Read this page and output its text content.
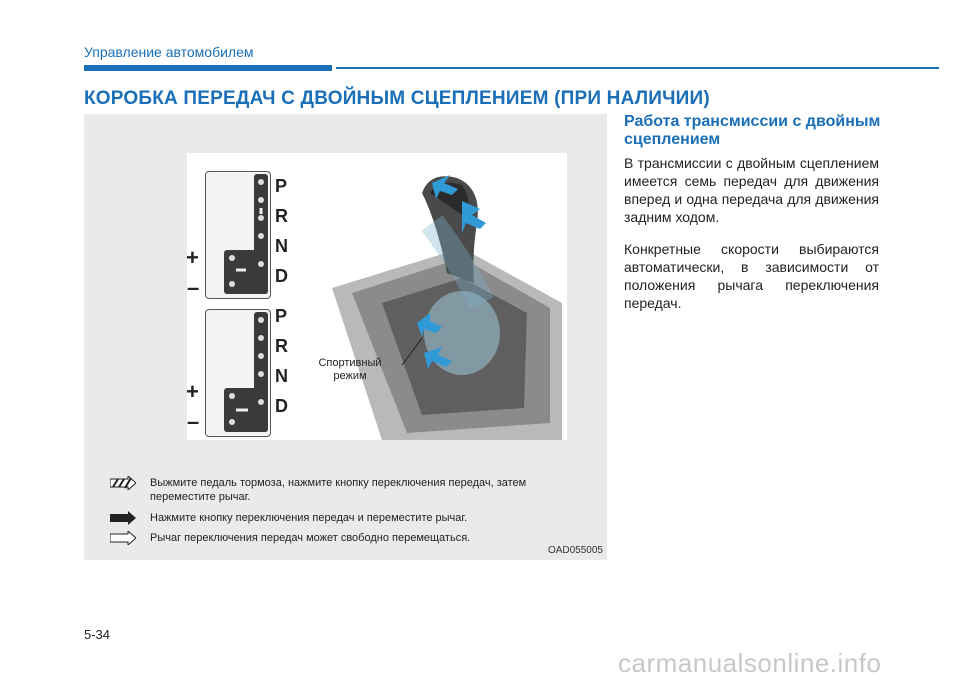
Управление автомобилем
КОРОБКА ПЕРЕДАЧ С ДВОЙНЫМ СЦЕПЛЕНИЕМ (ПРИ НАЛИЧИИ)
+
–
P
R
N
D
+
–
P
R
N
D
Спортивный режим
Выжмите педаль тормоза, нажмите кнопку переключения передач, затем переместите рычаг.
Нажмите кнопку переключения передач и переместите рычаг.
Рычаг переключения передач может свободно перемещаться.
OAD055005
Работа трансмиссии с двойным сцеплением
В трансмиссии с двойным сцеплением имеется семь передач для движения вперед и одна передача для движения задним ходом.
Конкретные скорости выбираются автоматически, в зависимости от положения рычага переключения передач.
5-34
carmanualsonline.info
